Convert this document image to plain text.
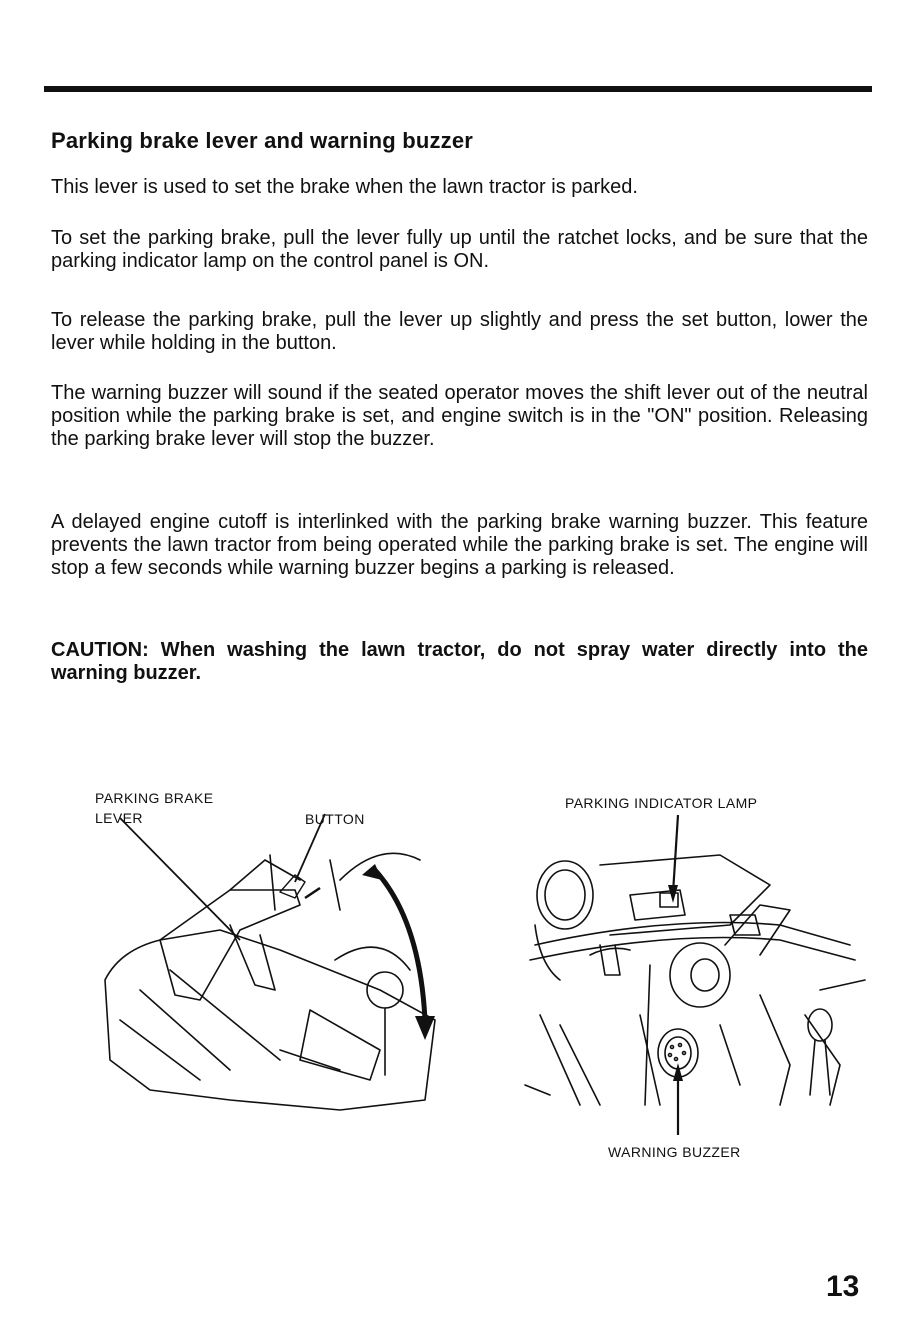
Parking brake lever and warning buzzer

This lever is used to set the brake when the lawn tractor is parked.

To set the parking brake, pull the lever fully up until the ratchet locks, and be sure that the parking indicator lamp on the control panel is ON.

To release the parking brake, pull the lever up slightly and press the set button, lower the lever while holding in the button.

The warning buzzer will sound if the seated operator moves the shift lever out of the neutral position while the parking brake is set, and engine switch is in the "ON" position. Releasing the parking brake lever will stop the buzzer.

A delayed engine cutoff is interlinked with the parking brake warning buzzer. This feature prevents the lawn tractor from being operated while the parking brake is set. The engine will stop a few seconds while warning buzzer begins a parking is released.

CAUTION: When washing the lawn tractor, do not spray water directly into the warning buzzer.

PARKING BRAKE

LEVER	BUTTON

PARKING INDICATOR LAMP

WARNING BUZZER

13
